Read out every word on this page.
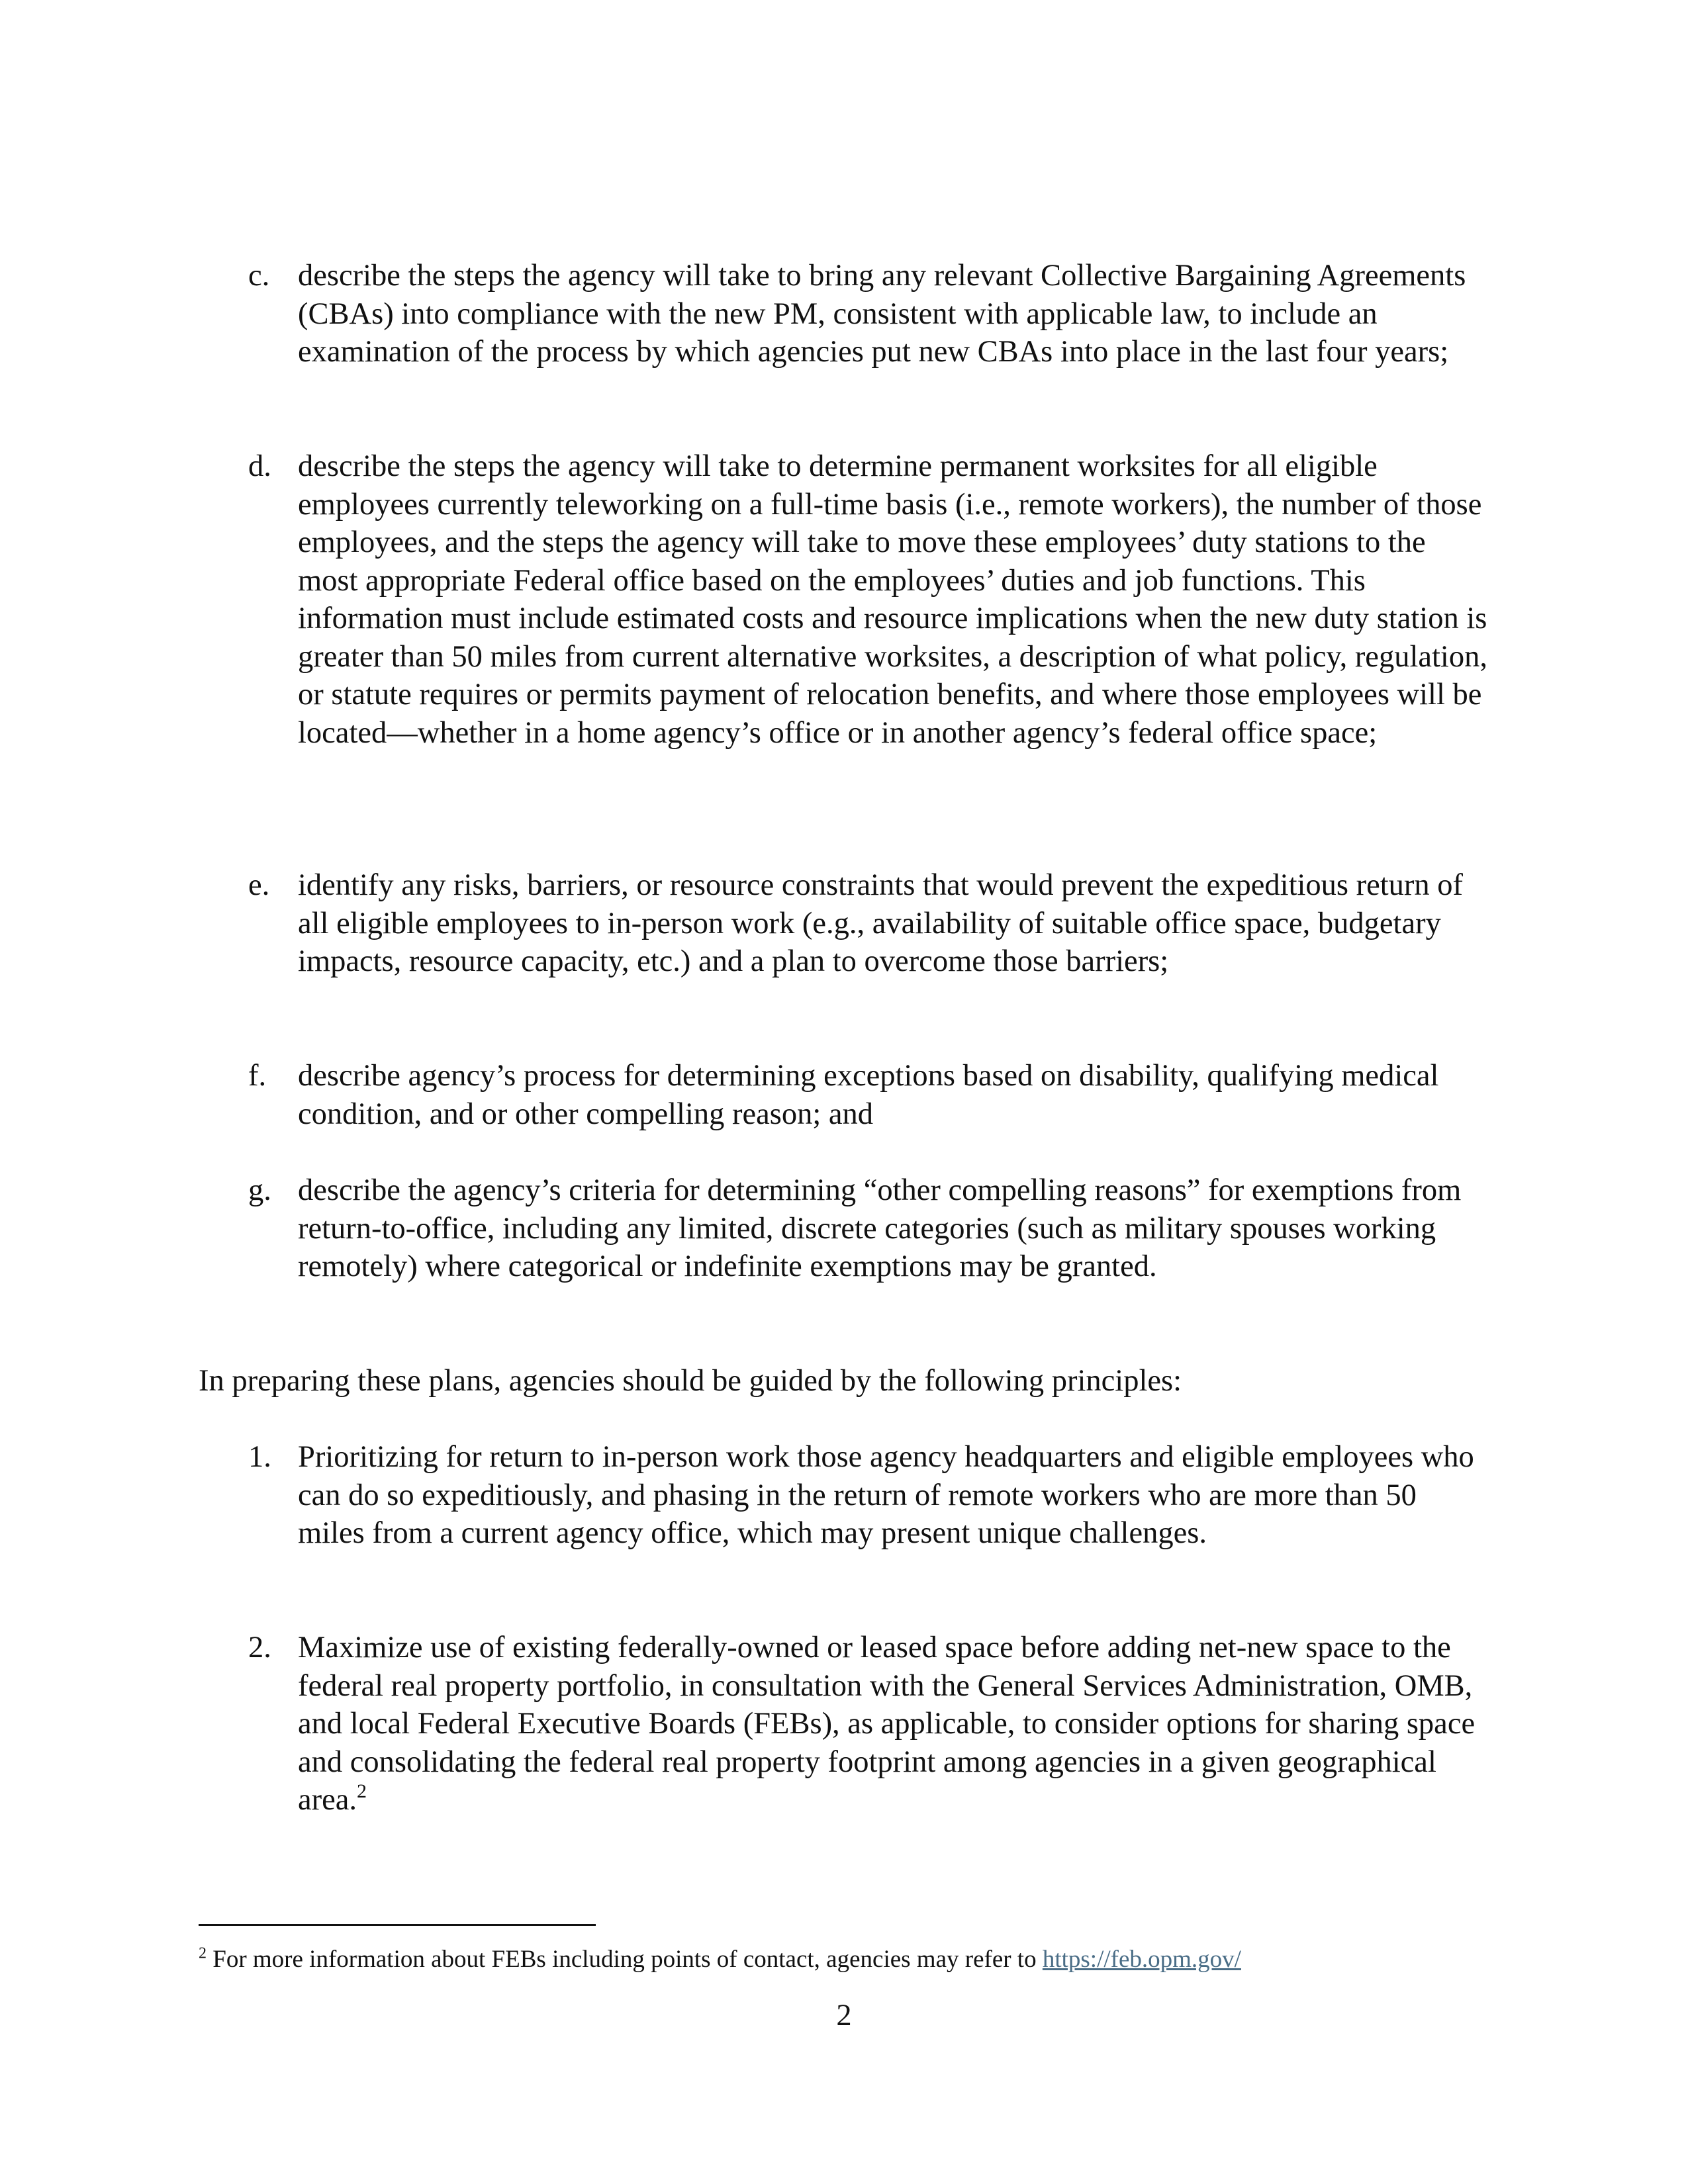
c. describe the steps the agency will take to bring any relevant Collective Bargaining Agreements (CBAs) into compliance with the new PM, consistent with applicable law, to include an examination of the process by which agencies put new CBAs into place in the last four years;
d. describe the steps the agency will take to determine permanent worksites for all eligible employees currently teleworking on a full-time basis (i.e., remote workers), the number of those employees, and the steps the agency will take to move these employees’ duty stations to the most appropriate Federal office based on the employees’ duties and job functions. This information must include estimated costs and resource implications when the new duty station is greater than 50 miles from current alternative worksites, a description of what policy, regulation, or statute requires or permits payment of relocation benefits, and where those employees will be located—whether in a home agency’s office or in another agency’s federal office space;
e. identify any risks, barriers, or resource constraints that would prevent the expeditious return of all eligible employees to in-person work (e.g., availability of suitable office space, budgetary impacts, resource capacity, etc.) and a plan to overcome those barriers;
f.	describe agency’s process for determining exceptions based on disability, qualifying medical condition, and or other compelling reason; and
g. describe the agency’s criteria for determining “other compelling reasons” for exemptions from return-to-office, including any limited, discrete categories (such as military spouses working remotely) where categorical or indefinite exemptions may be granted.

In preparing these plans, agencies should be guided by the following principles:

1. Prioritizing for return to in-person work those agency headquarters and eligible employees who can do so expeditiously, and phasing in the return of remote workers who are more than 50 miles from a current agency office, which may present unique challenges.
2. Maximize use of existing federally-owned or leased space before adding net-new space to the federal real property portfolio, in consultation with the General Services Administration, OMB, and local Federal Executive Boards (FEBs), as applicable, to consider options for sharing space and consolidating the federal real property footprint among agencies in a given geographical area.$^2$
$^2$ For more information about FEBs including points of contact, agencies may refer to https://feb.opm.gov/
2
